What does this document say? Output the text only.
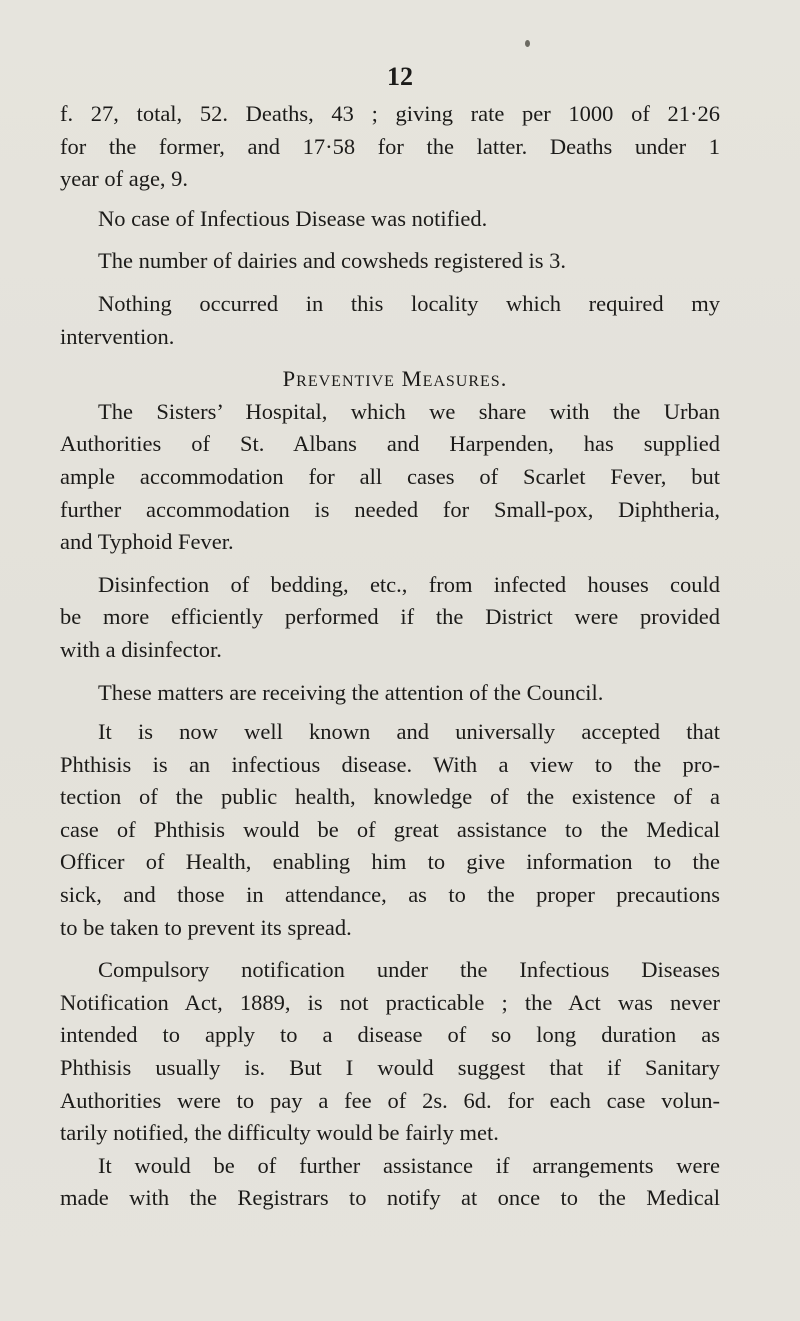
12
f. 27, total, 52. Deaths, 43 ; giving rate per 1000 of 21·26
for the former, and 17·58 for the latter. Deaths under 1
year of age, 9.
No case of Infectious Disease was notified.
The number of dairies and cowsheds registered is 3.
Nothing occurred in this locality which required my
intervention.
Preventive Measures.
The Sisters’ Hospital, which we share with the Urban
Authorities of St. Albans and Harpenden, has supplied
ample accommodation for all cases of Scarlet Fever, but
further accommodation is needed for Small-pox, Diphtheria,
and Typhoid Fever.
Disinfection of bedding, etc., from infected houses could
be more efficiently performed if the District were provided
with a disinfector.
These matters are receiving the attention of the Council.
It is now well known and universally accepted that
Phthisis is an infectious disease. With a view to the pro-
tection of the public health, knowledge of the existence of a
case of Phthisis would be of great assistance to the Medical
Officer of Health, enabling him to give information to the
sick, and those in attendance, as to the proper precautions
to be taken to prevent its spread.
Compulsory notification under the Infectious Diseases
Notification Act, 1889, is not practicable ; the Act was never
intended to apply to a disease of so long duration as
Phthisis usually is. But I would suggest that if Sanitary
Authorities were to pay a fee of 2s. 6d. for each case volun-
tarily notified, the difficulty would be fairly met.
It would be of further assistance if arrangements were
made with the Registrars to notify at once to the Medical
